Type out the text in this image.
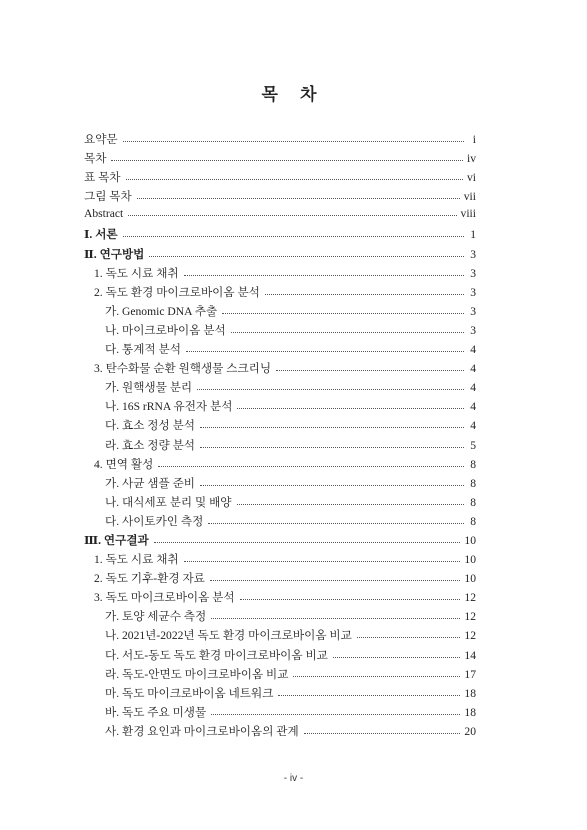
목 차
요약문	i
목차	iv
표 목차	vi
그림 목차	vii
Abstract	viii
Ⅰ. 서론	1
Ⅱ. 연구방법	3
1. 독도 시료 채취	3
2. 독도 환경 마이크로바이옴 분석	3
가. Genomic DNA 추출	3
나. 마이크로바이옴 분석	3
다. 통계적 분석	4
3. 탄수화물 순환 원핵생물 스크리닝	4
가. 원핵생물 분리	4
나. 16S rRNA 유전자 분석	4
다. 효소 정성 분석	4
라. 효소 정량 분석	5
4. 면역 활성	8
가. 사균 샘플 준비	8
나. 대식세포 분리 및 배양	8
다. 사이토카인 측정	8
Ⅲ. 연구결과	10
1. 독도 시료 채취	10
2. 독도 기후-환경 자료	10
3. 독도 마이크로바이옴 분석	12
가. 토양 세균수 측정	12
나. 2021년-2022년 독도 환경 마이크로바이옴 비교	12
다. 서도-동도 독도 환경 마이크로바이옴 비교	14
라. 독도-안면도 마이크로바이옴 비교	17
마. 독도 마이크로바이옴 네트워크	18
바. 독도 주요 미생물	18
사. 환경 요인과 마이크로바이옴의 관계	20
- iv -
